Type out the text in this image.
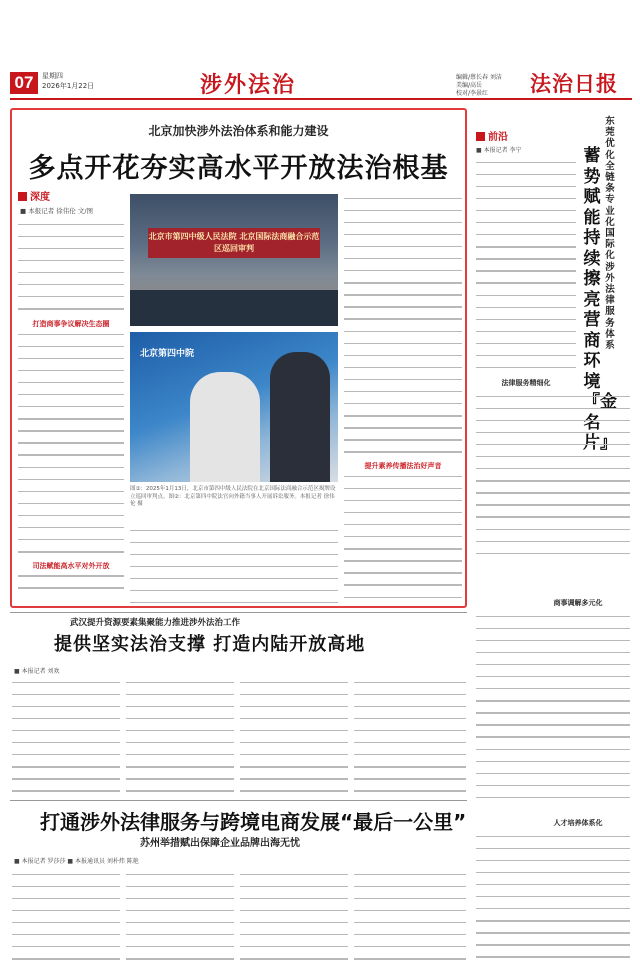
07	星期四
2026年1月22日	涉外法治	编辑/蔡长春 刘洁
美编/高岳
校对/李景红	法治日报
北京加快涉外法治体系和能力建设
多点开花夯实高水平开放法治根基
深度
■ 本报记者 徐伟伦 文/图
打造商事争议解决生态圈
司法赋能高水平对外开放
北京市第四中级人民法院 北京国际法商融合示范区巡回审判
北京第四中院
图①：2025年1月13日，北京市第四中级人民法院在北京国际法商融合示范区揭牌设立巡回审判点。图②：北京第四中院法官向外籍当事人开展诉讼服务。本报记者 徐伟伦 摄
提升素养传播法治好声音
前沿
■ 本报记者 李宁
东莞优化全链条专业化国际化涉外法律服务体系
蓄势赋能持续擦亮营商环境『金名片』
法律服务精细化
商事调解多元化
人才培养体系化
武汉提升资源要素集聚能力推进涉外法治工作
提供坚实法治支撑 打造内陆开放高地
■ 本报记者 刘欢
打通涉外法律服务与跨境电商发展“最后一公里”
苏州举措赋出保障企业品牌出海无忧
■ 本报记者 罗莎莎 ■ 本报通讯员 刘朴炜 陈艳
